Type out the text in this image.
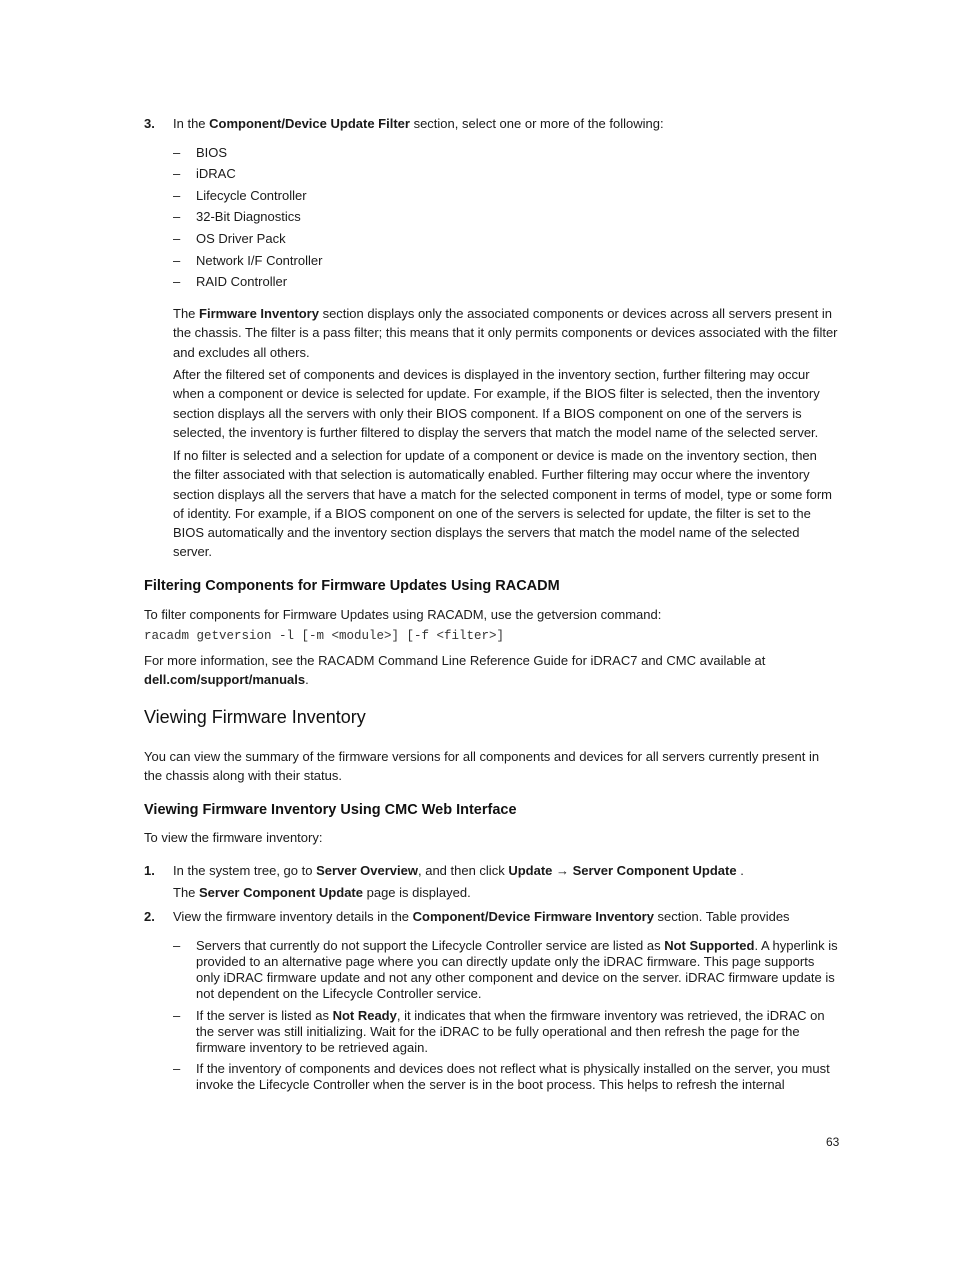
3. In the Component/Device Update Filter section, select one or more of the following:
– BIOS
– iDRAC
– Lifecycle Controller
– 32-Bit Diagnostics
– OS Driver Pack
– Network I/F Controller
– RAID Controller

The Firmware Inventory section displays only the associated components or devices across all servers present in the chassis. The filter is a pass filter; this means that it only permits components or devices associated with the filter and excludes all others.

After the filtered set of components and devices is displayed in the inventory section, further filtering may occur when a component or device is selected for update. For example, if the BIOS filter is selected, then the inventory section displays all the servers with only their BIOS component. If a BIOS component on one of the servers is selected, the inventory is further filtered to display the servers that match the model name of the selected server.

If no filter is selected and a selection for update of a component or device is made on the inventory section, then the filter associated with that selection is automatically enabled. Further filtering may occur where the inventory section displays all the servers that have a match for the selected component in terms of model, type or some form of identity. For example, if a BIOS component on one of the servers is selected for update, the filter is set to the BIOS automatically and the inventory section displays the servers that match the model name of the selected server.

Filtering Components for Firmware Updates Using RACADM
To filter components for Firmware Updates using RACADM, use the getversion command:
racadm getversion -l [-m <module>] [-f <filter>]

For more information, see the RACADM Command Line Reference Guide for iDRAC7 and CMC available at dell.com/support/manuals.

Viewing Firmware Inventory

You can view the summary of the firmware versions for all components and devices for all servers currently present in the chassis along with their status.

Viewing Firmware Inventory Using CMC Web Interface
To view the firmware inventory:
1. In the system tree, go to Server Overview, and then click Update → Server Component Update .
The Server Component Update page is displayed.
2. View the firmware inventory details in the Component/Device Firmware Inventory section. Table provides
– Servers that currently do not support the Lifecycle Controller service are listed as Not Supported. A hyperlink is provided to an alternative page where you can directly update only the iDRAC firmware. This page supports only iDRAC firmware update and not any other component and device on the server. iDRAC firmware update is not dependent on the Lifecycle Controller service.
– If the server is listed as Not Ready, it indicates that when the firmware inventory was retrieved, the iDRAC on the server was still initializing. Wait for the iDRAC to be fully operational and then refresh the page for the firmware inventory to be retrieved again.
– If the inventory of components and devices does not reflect what is physically installed on the server, you must invoke the Lifecycle Controller when the server is in the boot process. This helps to refresh the internal
63
